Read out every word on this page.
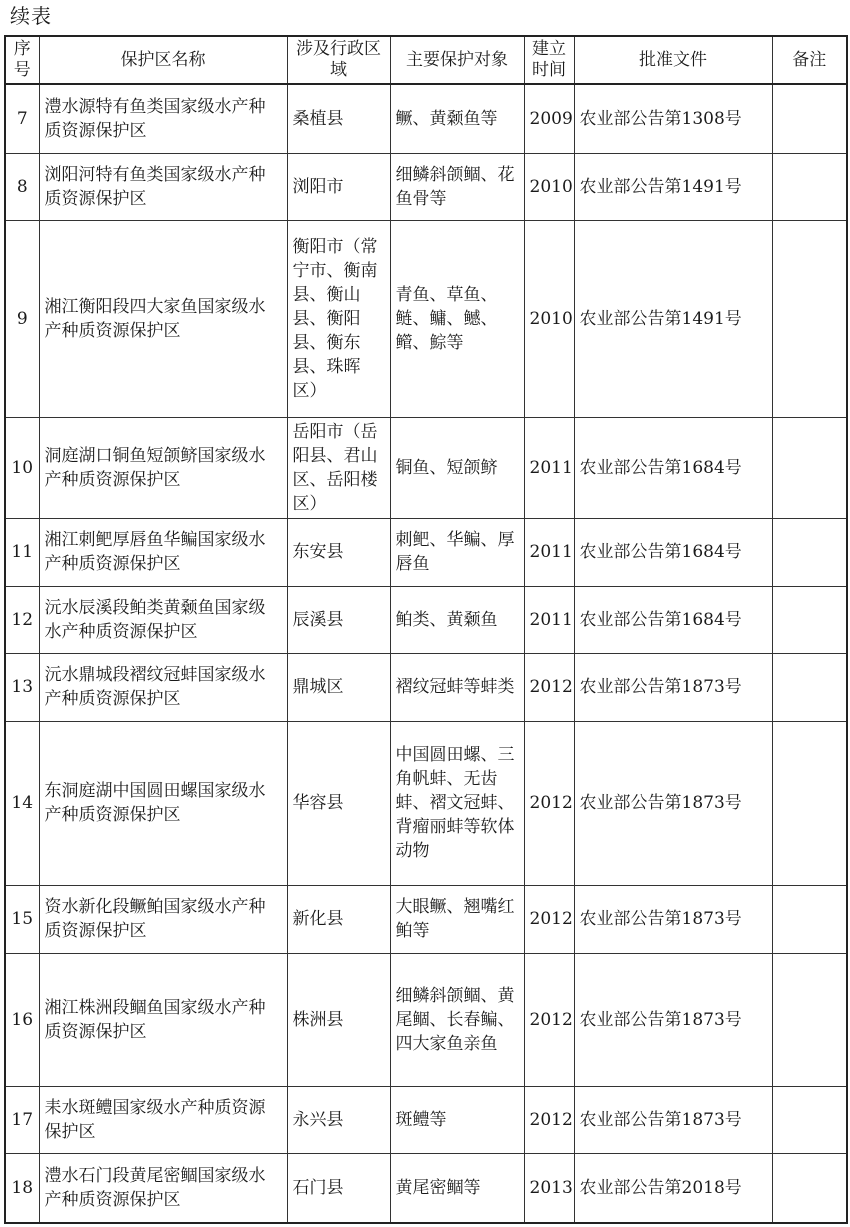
续表
序号	保护区名称	涉及行政区域	主要保护对象	建立时间	批准文件	备注
7	澧水源特有鱼类国家级水产种质资源保护区	桑植县	鳜、黄颡鱼等	2009	农业部公告第1308号	
8	浏阳河特有鱼类国家级水产种质资源保护区	浏阳市	细鳞斜颌鲴、花鱼骨等	2010	农业部公告第1491号	
9	湘江衡阳段四大家鱼国家级水产种质资源保护区	衡阳市（常宁市、衡南县、衡山县、衡阳县、衡东县、珠晖区）	青鱼、草鱼、鲢、鳙、鳡、鳤、鯮等	2010	农业部公告第1491号	
10	洞庭湖口铜鱼短颌鲚国家级水产种质资源保护区	岳阳市（岳阳县、君山区、岳阳楼区）	铜鱼、短颌鲚	2011	农业部公告第1684号	
11	湘江刺鲃厚唇鱼华鳊国家级水产种质资源保护区	东安县	刺鲃、华鳊、厚唇鱼	2011	农业部公告第1684号	
12	沅水辰溪段鲌类黄颡鱼国家级水产种质资源保护区	辰溪县	鲌类、黄颡鱼	2011	农业部公告第1684号	
13	沅水鼎城段褶纹冠蚌国家级水产种质资源保护区	鼎城区	褶纹冠蚌等蚌类	2012	农业部公告第1873号	
14	东洞庭湖中国圆田螺国家级水产种质资源保护区	华容县	中国圆田螺、三角帆蚌、无齿蚌、褶文冠蚌、背瘤丽蚌等软体动物	2012	农业部公告第1873号	
15	资水新化段鳜鲌国家级水产种质资源保护区	新化县	大眼鳜、翘嘴红鲌等	2012	农业部公告第1873号	
16	湘江株洲段鲴鱼国家级水产种质资源保护区	株洲县	细鳞斜颌鲴、黄尾鲴、长春鳊、四大家鱼亲鱼	2012	农业部公告第1873号	
17	耒水斑鳢国家级水产种质资源保护区	永兴县	斑鳢等	2012	农业部公告第1873号	
18	澧水石门段黄尾密鲴国家级水产种质资源保护区	石门县	黄尾密鲴等	2013	农业部公告第2018号	
